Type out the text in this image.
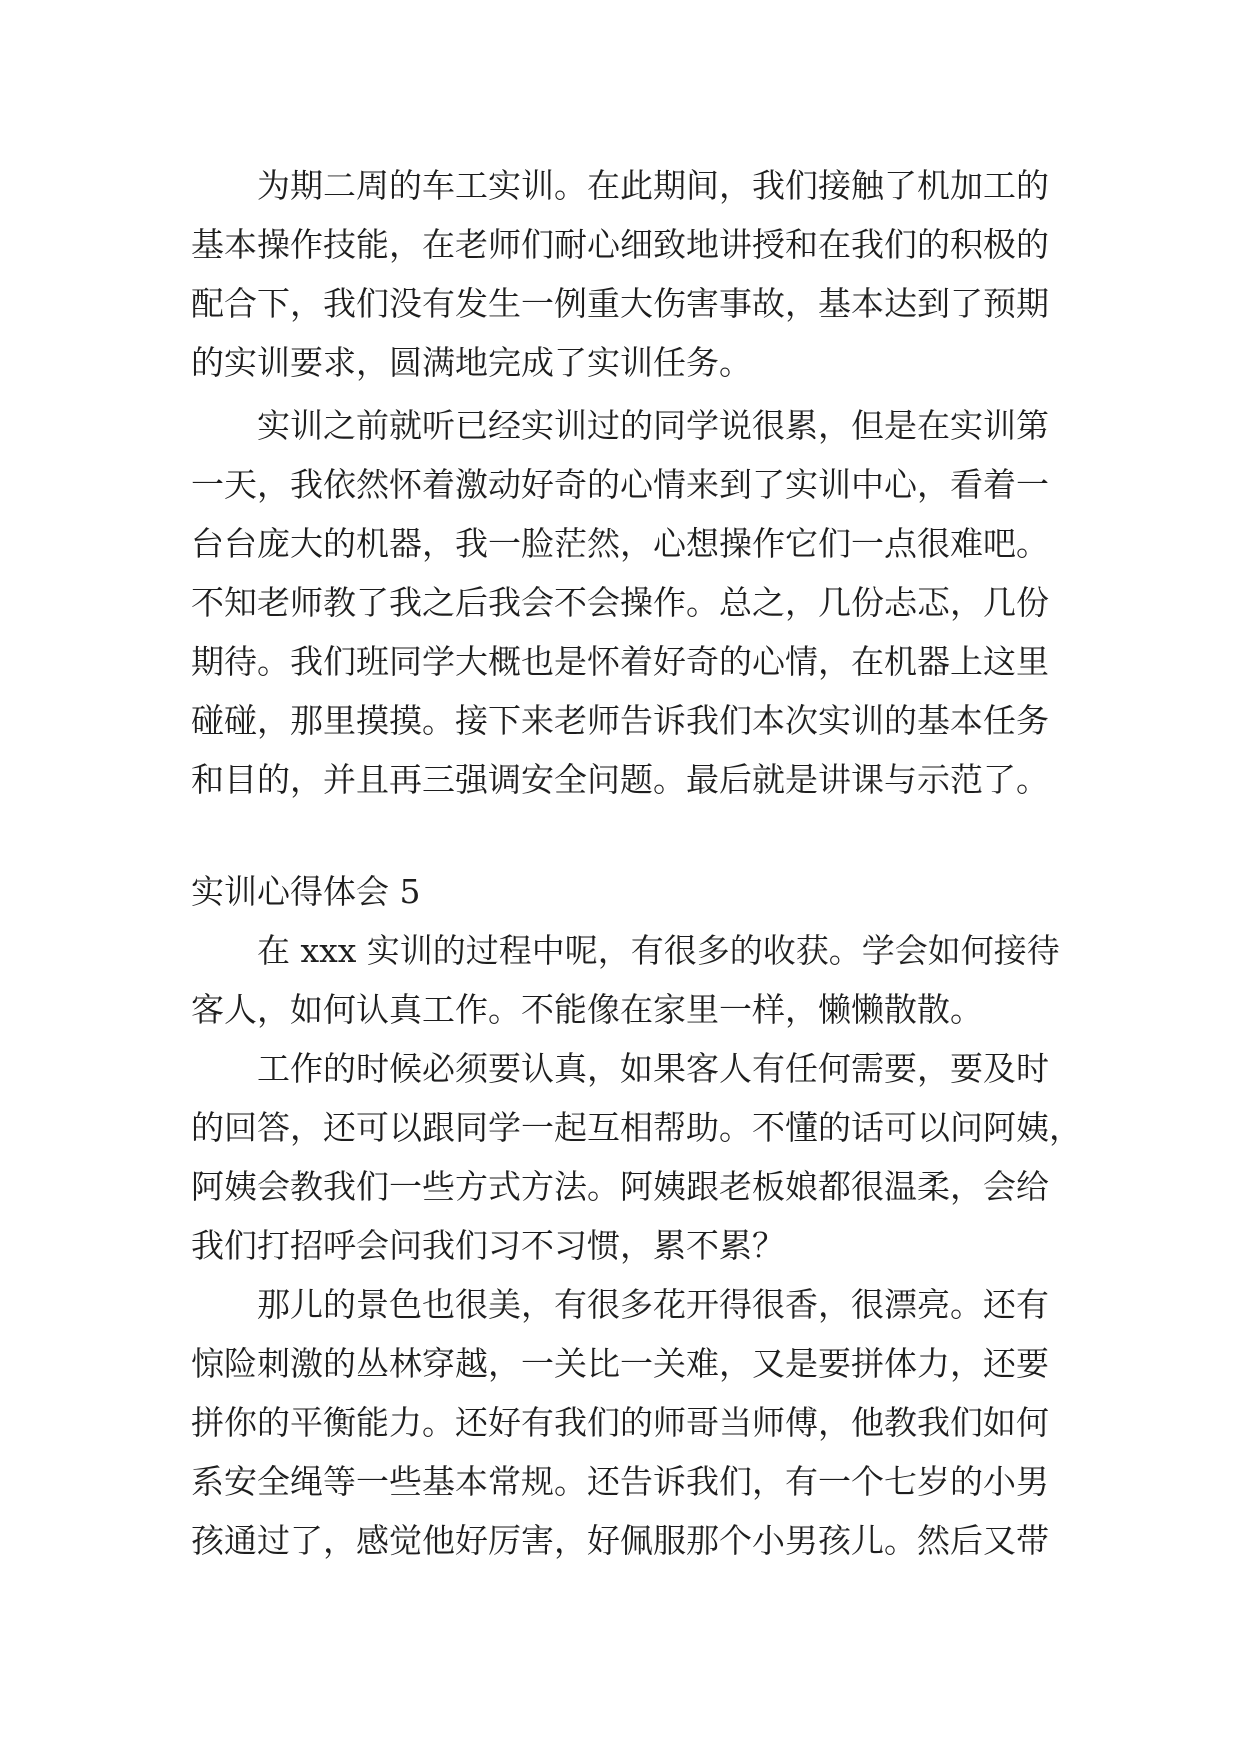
为期二周的车工实训。在此期间，我们接触了机加工的
基本操作技能，在老师们耐心细致地讲授和在我们的积极的
配合下，我们没有发生一例重大伤害事故，基本达到了预期
的实训要求，圆满地完成了实训任务。
实训之前就听已经实训过的同学说很累，但是在实训第
一天，我依然怀着激动好奇的心情来到了实训中心，看着一
台台庞大的机器，我一脸茫然，心想操作它们一点很难吧。
不知老师教了我之后我会不会操作。总之，几份忐忑，几份
期待。我们班同学大概也是怀着好奇的心情，在机器上这里
碰碰，那里摸摸。接下来老师告诉我们本次实训的基本任务
和目的，并且再三强调安全问题。最后就是讲课与示范了。
实训心得体会 5
在 xxx 实训的过程中呢，有很多的收获。学会如何接待
客人，如何认真工作。不能像在家里一样，懒懒散散。
工作的时候必须要认真，如果客人有任何需要，要及时
的回答，还可以跟同学一起互相帮助。不懂的话可以问阿姨，
阿姨会教我们一些方式方法。阿姨跟老板娘都很温柔，会给
我们打招呼会问我们习不习惯，累不累？
那儿的景色也很美，有很多花开得很香，很漂亮。还有
惊险刺激的丛林穿越，一关比一关难，又是要拼体力，还要
拼你的平衡能力。还好有我们的师哥当师傅，他教我们如何
系安全绳等一些基本常规。还告诉我们，有一个七岁的小男
孩通过了，感觉他好厉害，好佩服那个小男孩儿。然后又带
